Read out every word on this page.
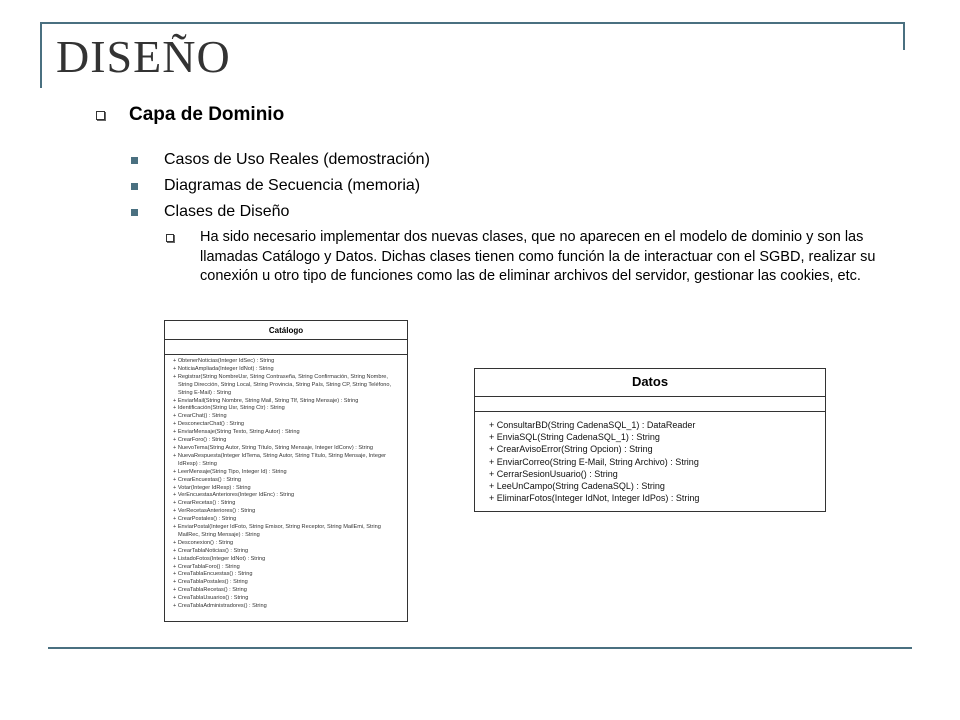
DISEÑO
Capa de Dominio
Casos de Uso Reales (demostración)
Diagramas de Secuencia (memoria)
Clases de Diseño
Ha sido necesario implementar dos nuevas clases, que no aparecen en el modelo de dominio y son las llamadas Catálogo y Datos. Dichas clases tienen como función la de interactuar con el SGBD, realizar su conexión u otro tipo de funciones como las de eliminar archivos del servidor, gestionar las cookies, etc.
Catálogo
+ ObtenerNoticias(Integer IdSec) : String
+ NoticiaAmpliada(Integer IdNot) : String
+ Registrar(String NombreUsr, String Contraseña, String Confirmación, String Nombre,
String Dirección, String Local, String Provincia, String País, String CP, String Teléfono,
String E-Mail) : String
+ EnviarMail(String Nombre, String Mail, String Tlf, String Mensaje) : String
+ Identificación(String Usr, String Ctr) : String
+ CrearChat() : String
+ DesconectarChat() : String
+ EnviarMensaje(String Texto, String Autor) : String
+ CrearForo() : String
+ NuevoTema(String Autor, String Título, String Mensaje, Integer IdConv) : String
+ NuevaRespuesta(Integer IdTema, String Autor, String Título, String Mensaje, Integer
IdResp) : String
+ LeerMensaje(String Tipo, Integer Id) : String
+ CrearEncuestas() : String
+ Votar(Integer IdResp) : String
+ VerEncuestasAnteriores(Integer IdEnc) : String
+ CrearRecetas() : String
+ VerRecetasAnteriores() : String
+ CrearPostales() : String
+ EnviarPostal(Integer IdFoto, String Emisor, String Receptor, String MailEmi, String
MailRec, String Mensaje) : String
+ Desconexion() : String
+ CrearTablaNoticias() : String
+ ListadoFotos(Integer IdNot) : String
+ CrearTablaForo() : String
+ CreaTablaEncuestas() : String
+ CreaTablaPostales() : String
+ CreaTablaRecetas() : String
+ CreaTablaUsuarios() : String
+ CreaTablaAdministradores() : String
Datos
+ ConsultarBD(String CadenaSQL_1) : DataReader
+ EnviaSQL(String CadenaSQL_1) : String
+ CrearAvisoError(String Opcion) : String
+ EnviarCorreo(String E-Mail, String Archivo) : String
+ CerrarSesionUsuario() : String
+ LeeUnCampo(String CadenaSQL) : String
+ EliminarFotos(Integer IdNot, Integer IdPos) : String
